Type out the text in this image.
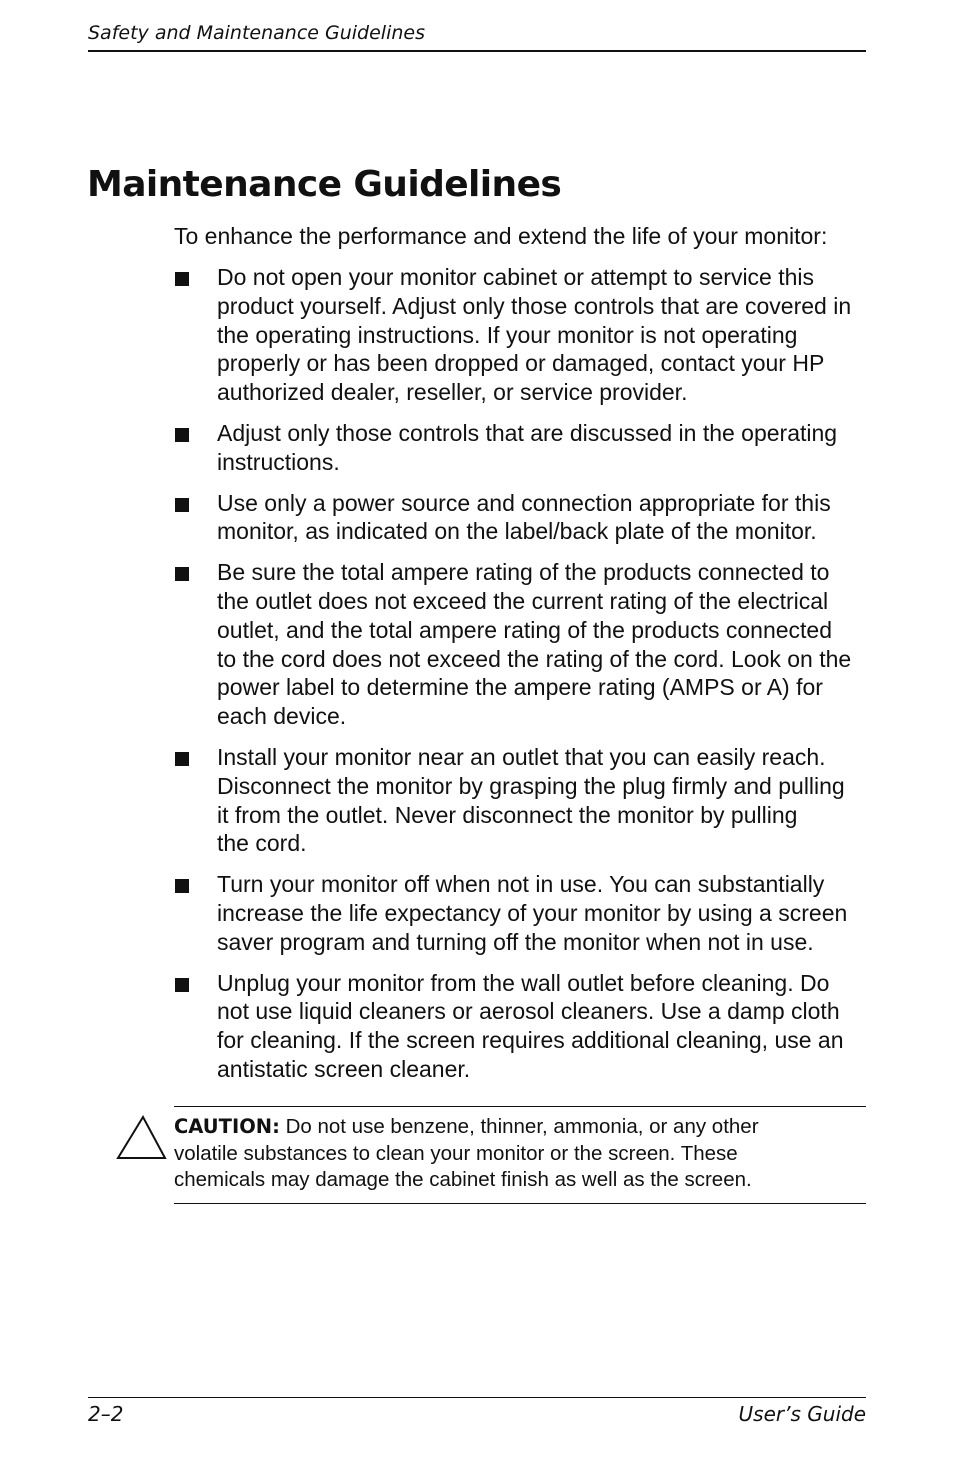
Safety and Maintenance Guidelines
Maintenance Guidelines

To enhance the performance and extend the life of your monitor:

Do not open your monitor cabinet or attempt to service this
product yourself. Adjust only those controls that are covered in
the operating instructions. If your monitor is not operating
properly or has been dropped or damaged, contact your HP
authorized dealer, reseller, or service provider.
Adjust only those controls that are discussed in the operating
instructions.
Use only a power source and connection appropriate for this
monitor, as indicated on the label/back plate of the monitor.
Be sure the total ampere rating of the products connected to
the outlet does not exceed the current rating of the electrical
outlet, and the total ampere rating of the products connected
to the cord does not exceed the rating of the cord. Look on the
power label to determine the ampere rating (AMPS or A) for
each device.
Install your monitor near an outlet that you can easily reach.
Disconnect the monitor by grasping the plug firmly and pulling
it from the outlet. Never disconnect the monitor by pulling
the cord.
Turn your monitor off when not in use. You can substantially
increase the life expectancy of your monitor by using a screen
saver program and turning off the monitor when not in use.
Unplug your monitor from the wall outlet before cleaning. Do
not use liquid cleaners or aerosol cleaners. Use a damp cloth
for cleaning. If the screen requires additional cleaning, use an
antistatic screen cleaner.

CAUTION: Do not use benzene, thinner, ammonia, or any other
volatile substances to clean your monitor or the screen. These
chemicals may damage the cabinet finish as well as the screen.

2–2	User’s Guide
